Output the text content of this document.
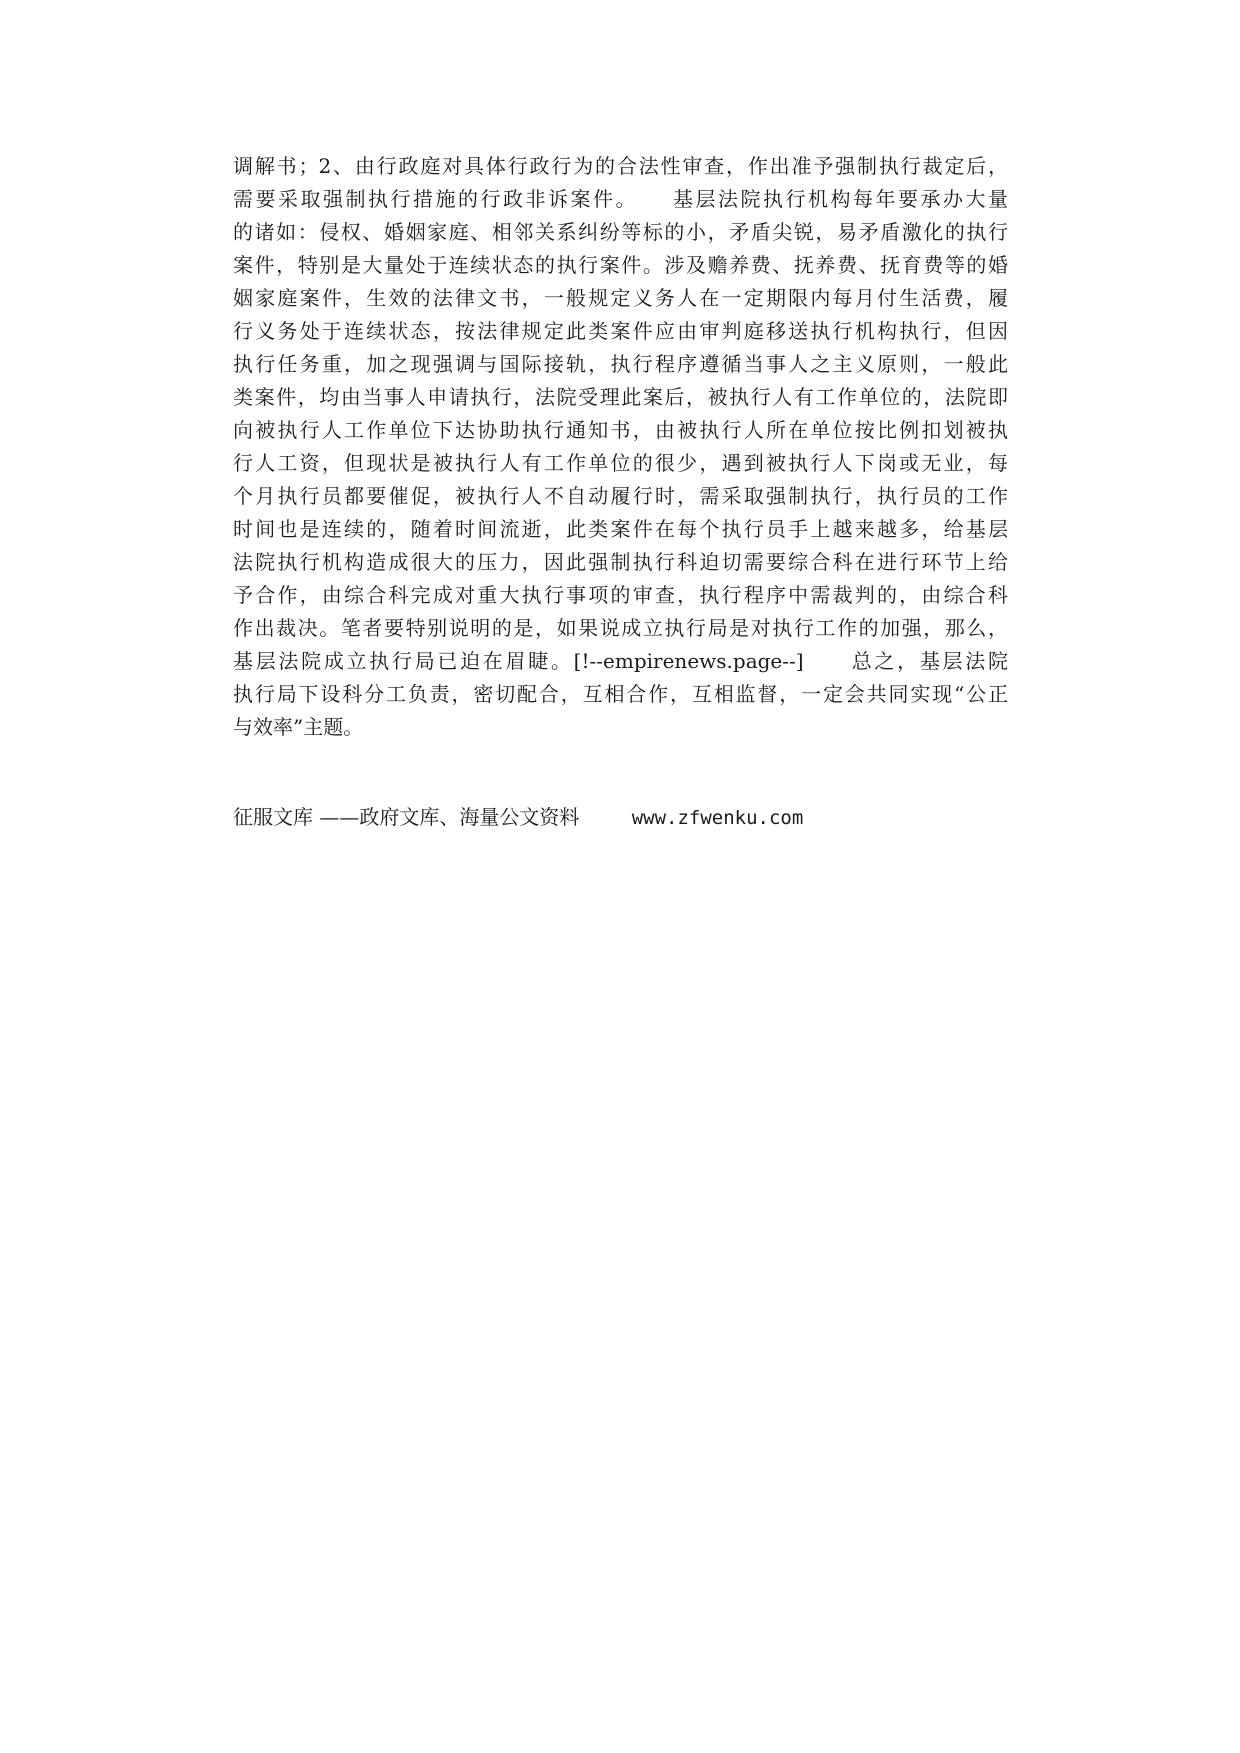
调解书；2、由行政庭对具体行政行为的合法性审查，作出准予强制执行裁定后，
需要采取强制执行措施的行政非诉案件。　　基层法院执行机构每年要承办大量
的诸如：侵权、婚姻家庭、相邻关系纠纷等标的小，矛盾尖锐，易矛盾激化的执行
案件，特别是大量处于连续状态的执行案件。涉及赡养费、抚养费、抚育费等的婚
姻家庭案件，生效的法律文书，一般规定义务人在一定期限内每月付生活费，履
行义务处于连续状态，按法律规定此类案件应由审判庭移送执行机构执行，但因
执行任务重，加之现强调与国际接轨，执行程序遵循当事人之主义原则，一般此
类案件，均由当事人申请执行，法院受理此案后，被执行人有工作单位的，法院即
向被执行人工作单位下达协助执行通知书，由被执行人所在单位按比例扣划被执
行人工资，但现状是被执行人有工作单位的很少，遇到被执行人下岗或无业，每
个月执行员都要催促，被执行人不自动履行时，需采取强制执行，执行员的工作
时间也是连续的，随着时间流逝，此类案件在每个执行员手上越来越多，给基层
法院执行机构造成很大的压力，因此强制执行科迫切需要综合科在进行环节上给
予合作，由综合科完成对重大执行事项的审查，执行程序中需裁判的，由综合科
作出裁决。笔者要特别说明的是，如果说成立执行局是对执行工作的加强，那么，
基层法院成立执行局已迫在眉睫。[!--empirenews.page--]　　总之，基层法院
执行局下设科分工负责，密切配合，互相合作，互相监督，一定会共同实现“公正
与效率”主题。
征服文库 ——政府文库、海量公文资料	www.zfwenku.com
